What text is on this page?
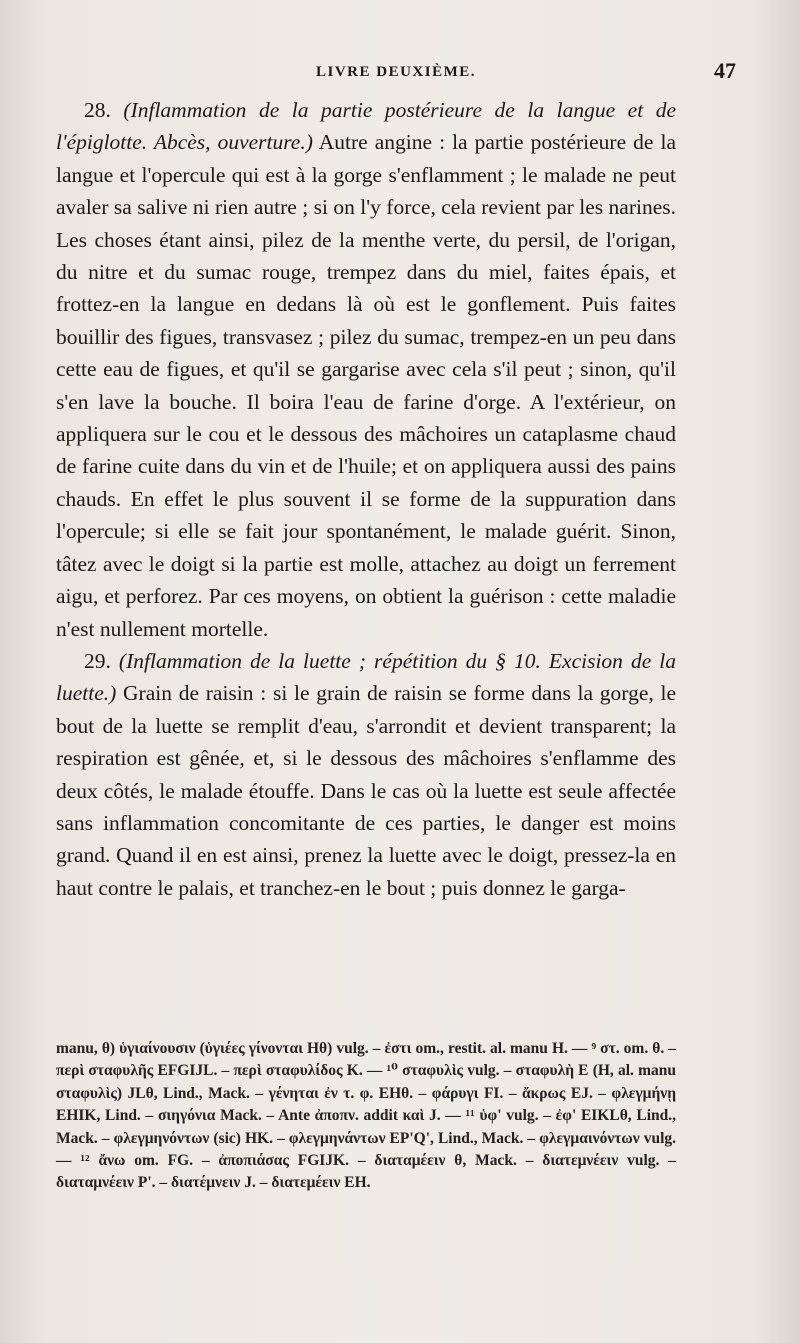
LIVRE DEUXIÈME.	47

28. (Inflammation de la partie postérieure de la langue et de l'épiglotte. Abcès, ouverture.) Autre angine : la partie postérieure de la langue et l'opercule qui est à la gorge s'enflamment ; le malade ne peut avaler sa salive ni rien autre ; si on l'y force, cela revient par les narines. Les choses étant ainsi, pilez de la menthe verte, du persil, de l'origan, du nitre et du sumac rouge, trempez dans du miel, faites épais, et frottez-en la langue en dedans là où est le gonflement. Puis faites bouillir des figues, transvasez ; pilez du sumac, trempez-en un peu dans cette eau de figues, et qu'il se gargarise avec cela s'il peut ; sinon, qu'il s'en lave la bouche. Il boira l'eau de farine d'orge. A l'extérieur, on appliquera sur le cou et le dessous des mâchoires un cataplasme chaud de farine cuite dans du vin et de l'huile; et on appliquera aussi des pains chauds. En effet le plus souvent il se forme de la suppuration dans l'opercule; si elle se fait jour spontanément, le malade guérit. Sinon, tâtez avec le doigt si la partie est molle, attachez au doigt un ferrement aigu, et perforez. Par ces moyens, on obtient la guérison : cette maladie n'est nullement mortelle.

29. (Inflammation de la luette ; répétition du § 10. Excision de la luette.) Grain de raisin : si le grain de raisin se forme dans la gorge, le bout de la luette se remplit d'eau, s'arrondit et devient transparent; la respiration est gênée, et, si le dessous des mâchoires s'enflamme des deux côtés, le malade étouffe. Dans le cas où la luette est seule affectée sans inflammation concomitante de ces parties, le danger est moins grand. Quand il en est ainsi, prenez la luette avec le doigt, pressez-la en haut contre le palais, et tranchez-en le bout ; puis donnez le garga-

manu, θ) ὑγιαίνουσιν (ὑγιέες γίνονται Hθ) vulg. – ἐστι om., restit. al. manu H. — ⁹ στ. om. θ. – περὶ σταφυλῆς EFGIJL. – περὶ σταφυλίδος K. — ¹⁰ σταφυλὶς vulg. – σταφυλὴ E (H, al. manu σταφυλὶς) JLθ, Lind., Mack. – γένηται ἐν τ. φ. EHθ. – φάρυγι FI. – ἄκρως EJ. – φλεγμήνῃ EHIK, Lind. – σιηγόνια Mack. – Ante ἀποπν. addit καὶ J. — ¹¹ ὑφ' vulg. – ἐφ' EIKLθ, Lind., Mack. – φλεγμηνόντων (sic) HK. – φλεγμηνάντων EP'Q', Lind., Mack. – φλεγμαινόντων vulg. — ¹² ἄνω om. FG. – ἀποπιάσας FGIJK. – διαταμέειν θ, Mack. – διατεμνέειν vulg. – διαταμνέειν P'. – διατέμνειν J. – διατεμέειν EH.
